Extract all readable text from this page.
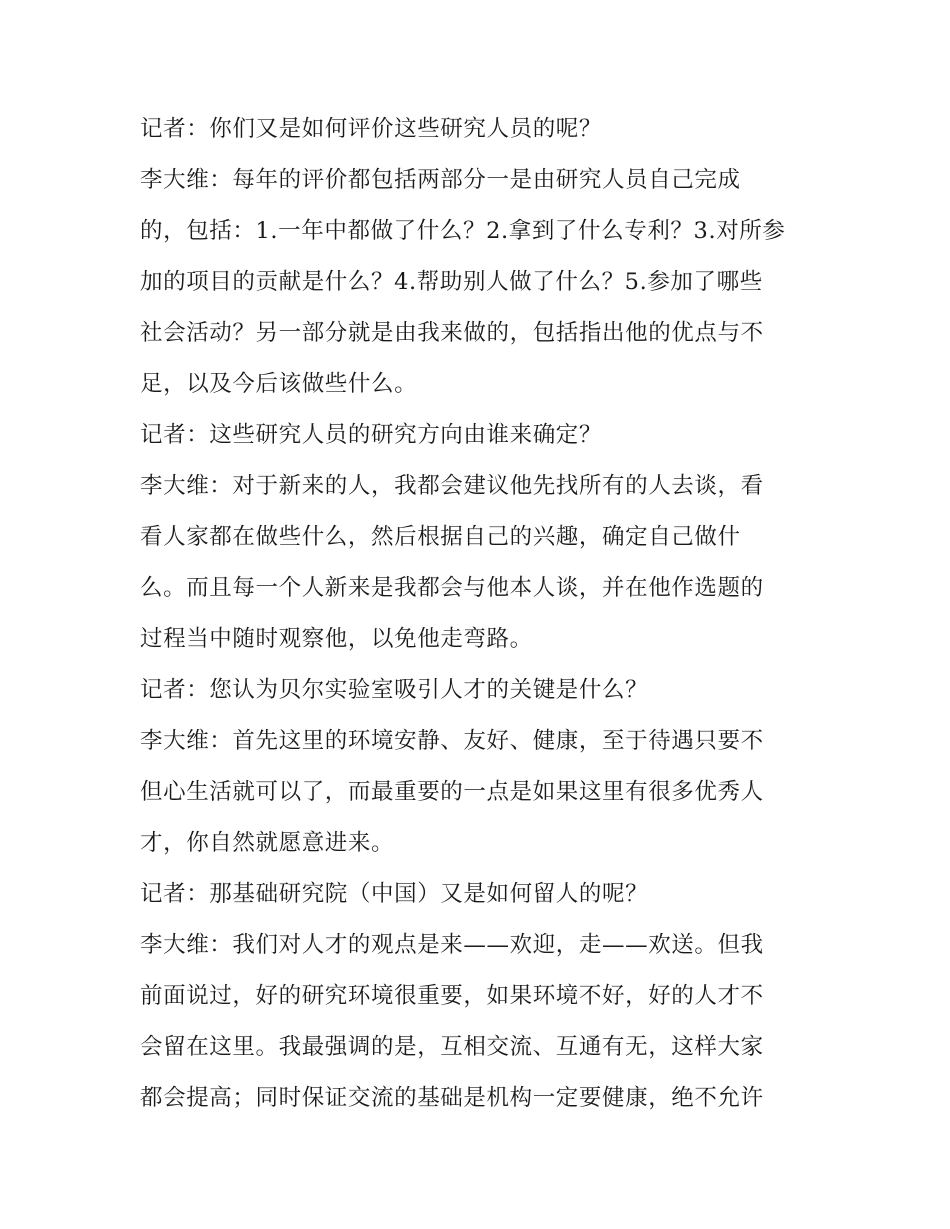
记者：你们又是如何评价这些研究人员的呢？

李大维：每年的评价都包括两部分一是由研究人员自己完成
的，包括：1.一年中都做了什么？2.拿到了什么专利？3.对所参
加的项目的贡献是什么？4.帮助别人做了什么？5.参加了哪些
社会活动？另一部分就是由我来做的，包括指出他的优点与不
足，以及今后该做些什么。

记者：这些研究人员的研究方向由谁来确定？

李大维：对于新来的人，我都会建议他先找所有的人去谈，看
看人家都在做些什么，然后根据自己的兴趣，确定自己做什
么。而且每一个人新来是我都会与他本人谈，并在他作选题的
过程当中随时观察他，以免他走弯路。

记者：您认为贝尔实验室吸引人才的关键是什么？

李大维：首先这里的环境安静、友好、健康，至于待遇只要不
但心生活就可以了，而最重要的一点是如果这里有很多优秀人
才，你自然就愿意进来。

记者：那基础研究院（中国）又是如何留人的呢？

李大维：我们对人才的观点是来——欢迎，走——欢送。但我
前面说过，好的研究环境很重要，如果环境不好，好的人才不
会留在这里。我最强调的是，互相交流、互通有无，这样大家
都会提高；同时保证交流的基础是机构一定要健康，绝不允许
